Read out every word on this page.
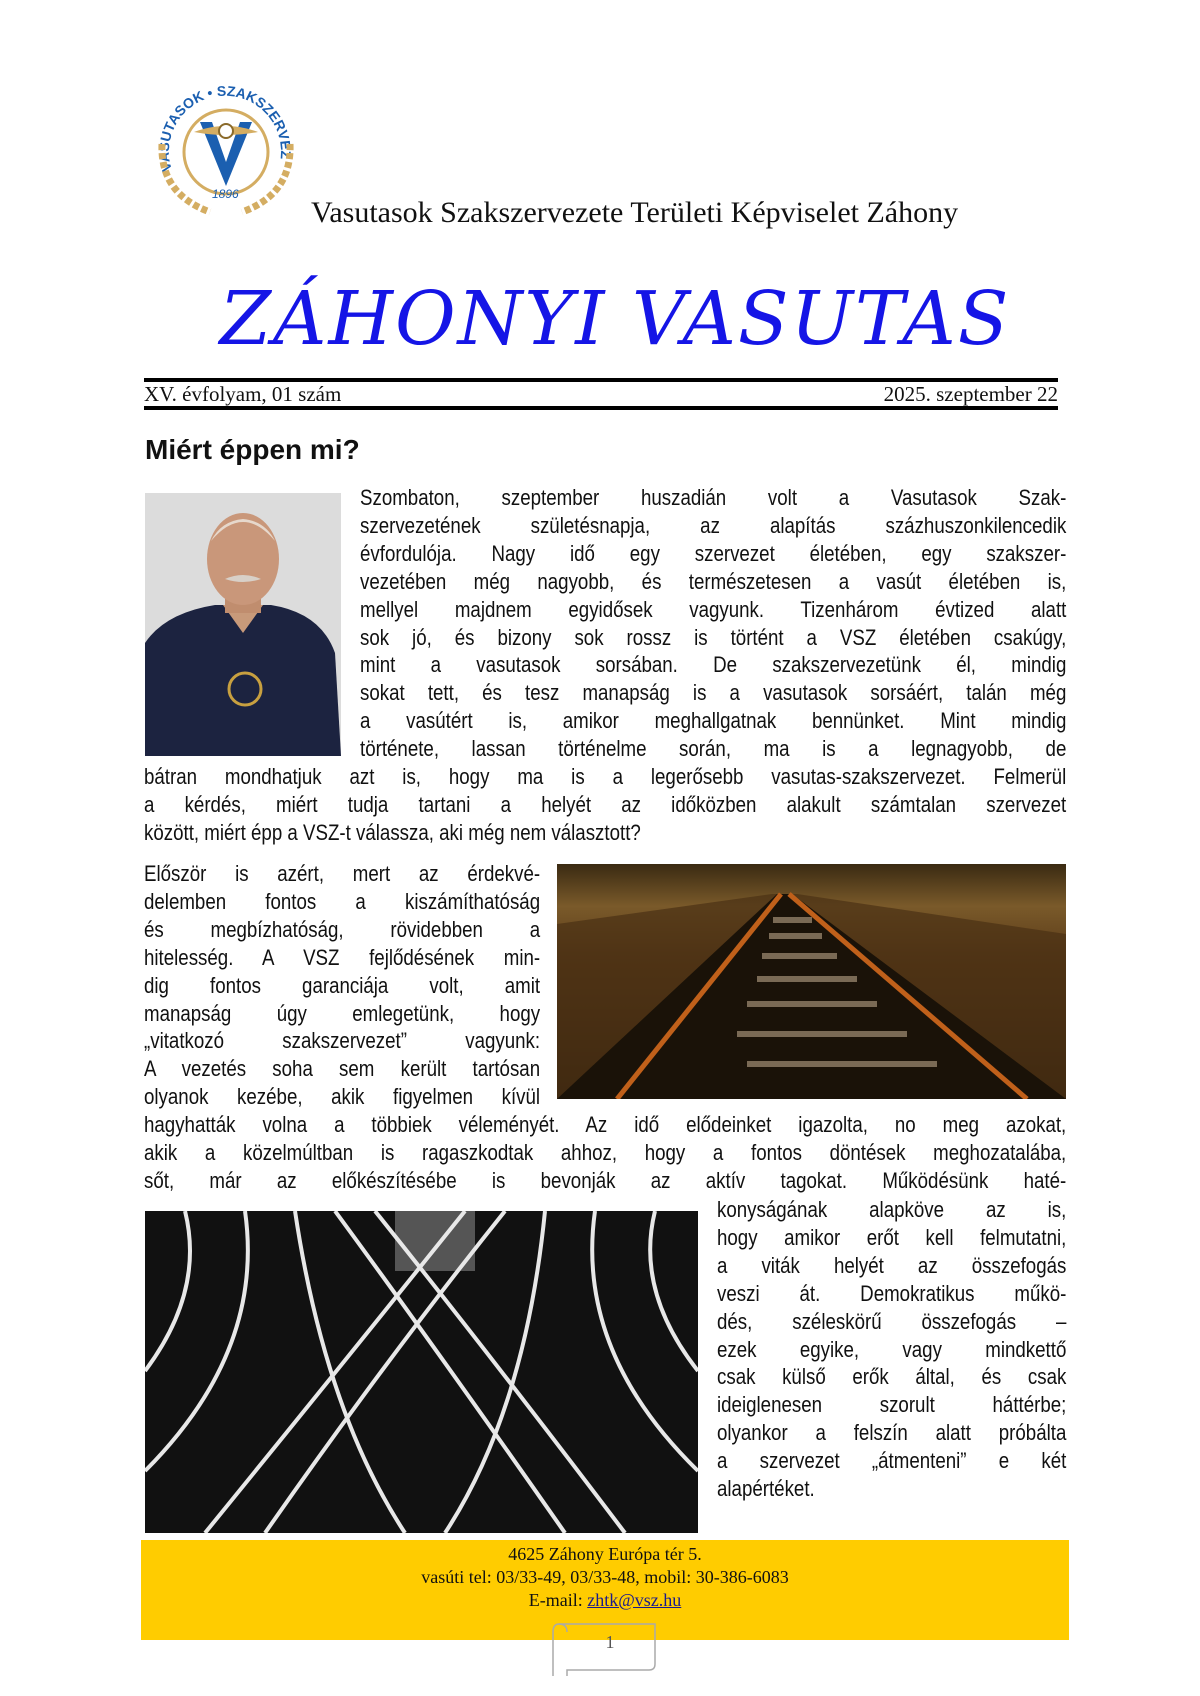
VASUTASOK • SZAKSZERVEZ
1896
Vasutasok Szakszervezete Területi Képviselet Záhony
ZÁHONYI VASUTAS
XV. évfolyam, 01 szám	2025. szeptember 22
Miért éppen mi?
Szombaton, szeptember huszadián volt a Vasutasok Szak-
szervezetének születésnapja, az alapítás százhuszonkilencedik
évfordulója. Nagy idő egy szervezet életében, egy szakszer-
vezetében még nagyobb, és természetesen a vasút életében is,
mellyel majdnem egyidősek vagyunk. Tizenhárom évtized alatt
sok jó, és bizony sok rossz is történt a VSZ életében csakúgy,
mint a vasutasok sorsában. De szakszervezetünk él, mindig
sokat tett, és tesz manapság is a vasutasok sorsáért, talán még
a vasútért is, amikor meghallgatnak bennünket. Mint mindig
története, lassan történelme során, ma is a legnagyobb, de
bátran mondhatjuk azt is, hogy ma is a legerősebb vasutas-szakszervezet. Felmerül
a kérdés, miért tudja tartani a helyét az időközben alakult számtalan szervezet
között, miért épp a VSZ-t válassza, aki még nem választott?
Először is azért, mert az érdekvé-
delemben fontos a kiszámíthatóság
és megbízhatóság, rövidebben a
hitelesség. A VSZ fejlődésének min-
dig fontos garanciája volt, amit
manapság úgy emlegetünk, hogy
„vitatkozó szakszervezet” vagyunk:
A vezetés soha sem került tartósan
olyanok kezébe, akik figyelmen kívül
hagyhatták volna a többiek véleményét. Az idő elődeinket igazolta, no meg azokat,
akik a közelmúltban is ragaszkodtak ahhoz, hogy a fontos döntések meghozatalába,
sőt, már az előkészítésébe is bevonják az aktív tagokat. Működésünk haté-
konyságának alapköve az is,
hogy amikor erőt kell felmutatni,
a viták helyét az összefogás
veszi át. Demokratikus műkö-
dés, széleskörű összefogás –
ezek egyike, vagy mindkettő
csak külső erők által, és csak
ideiglenesen szorult háttérbe;
olyankor a felszín alatt próbálta
a szervezet „átmenteni” e két
alapértéket.
4625 Záhony Európa tér 5.
vasúti tel: 03/33-49, 03/33-48, mobil: 30-386-6083
E-mail: zhtk@vsz.hu
1
